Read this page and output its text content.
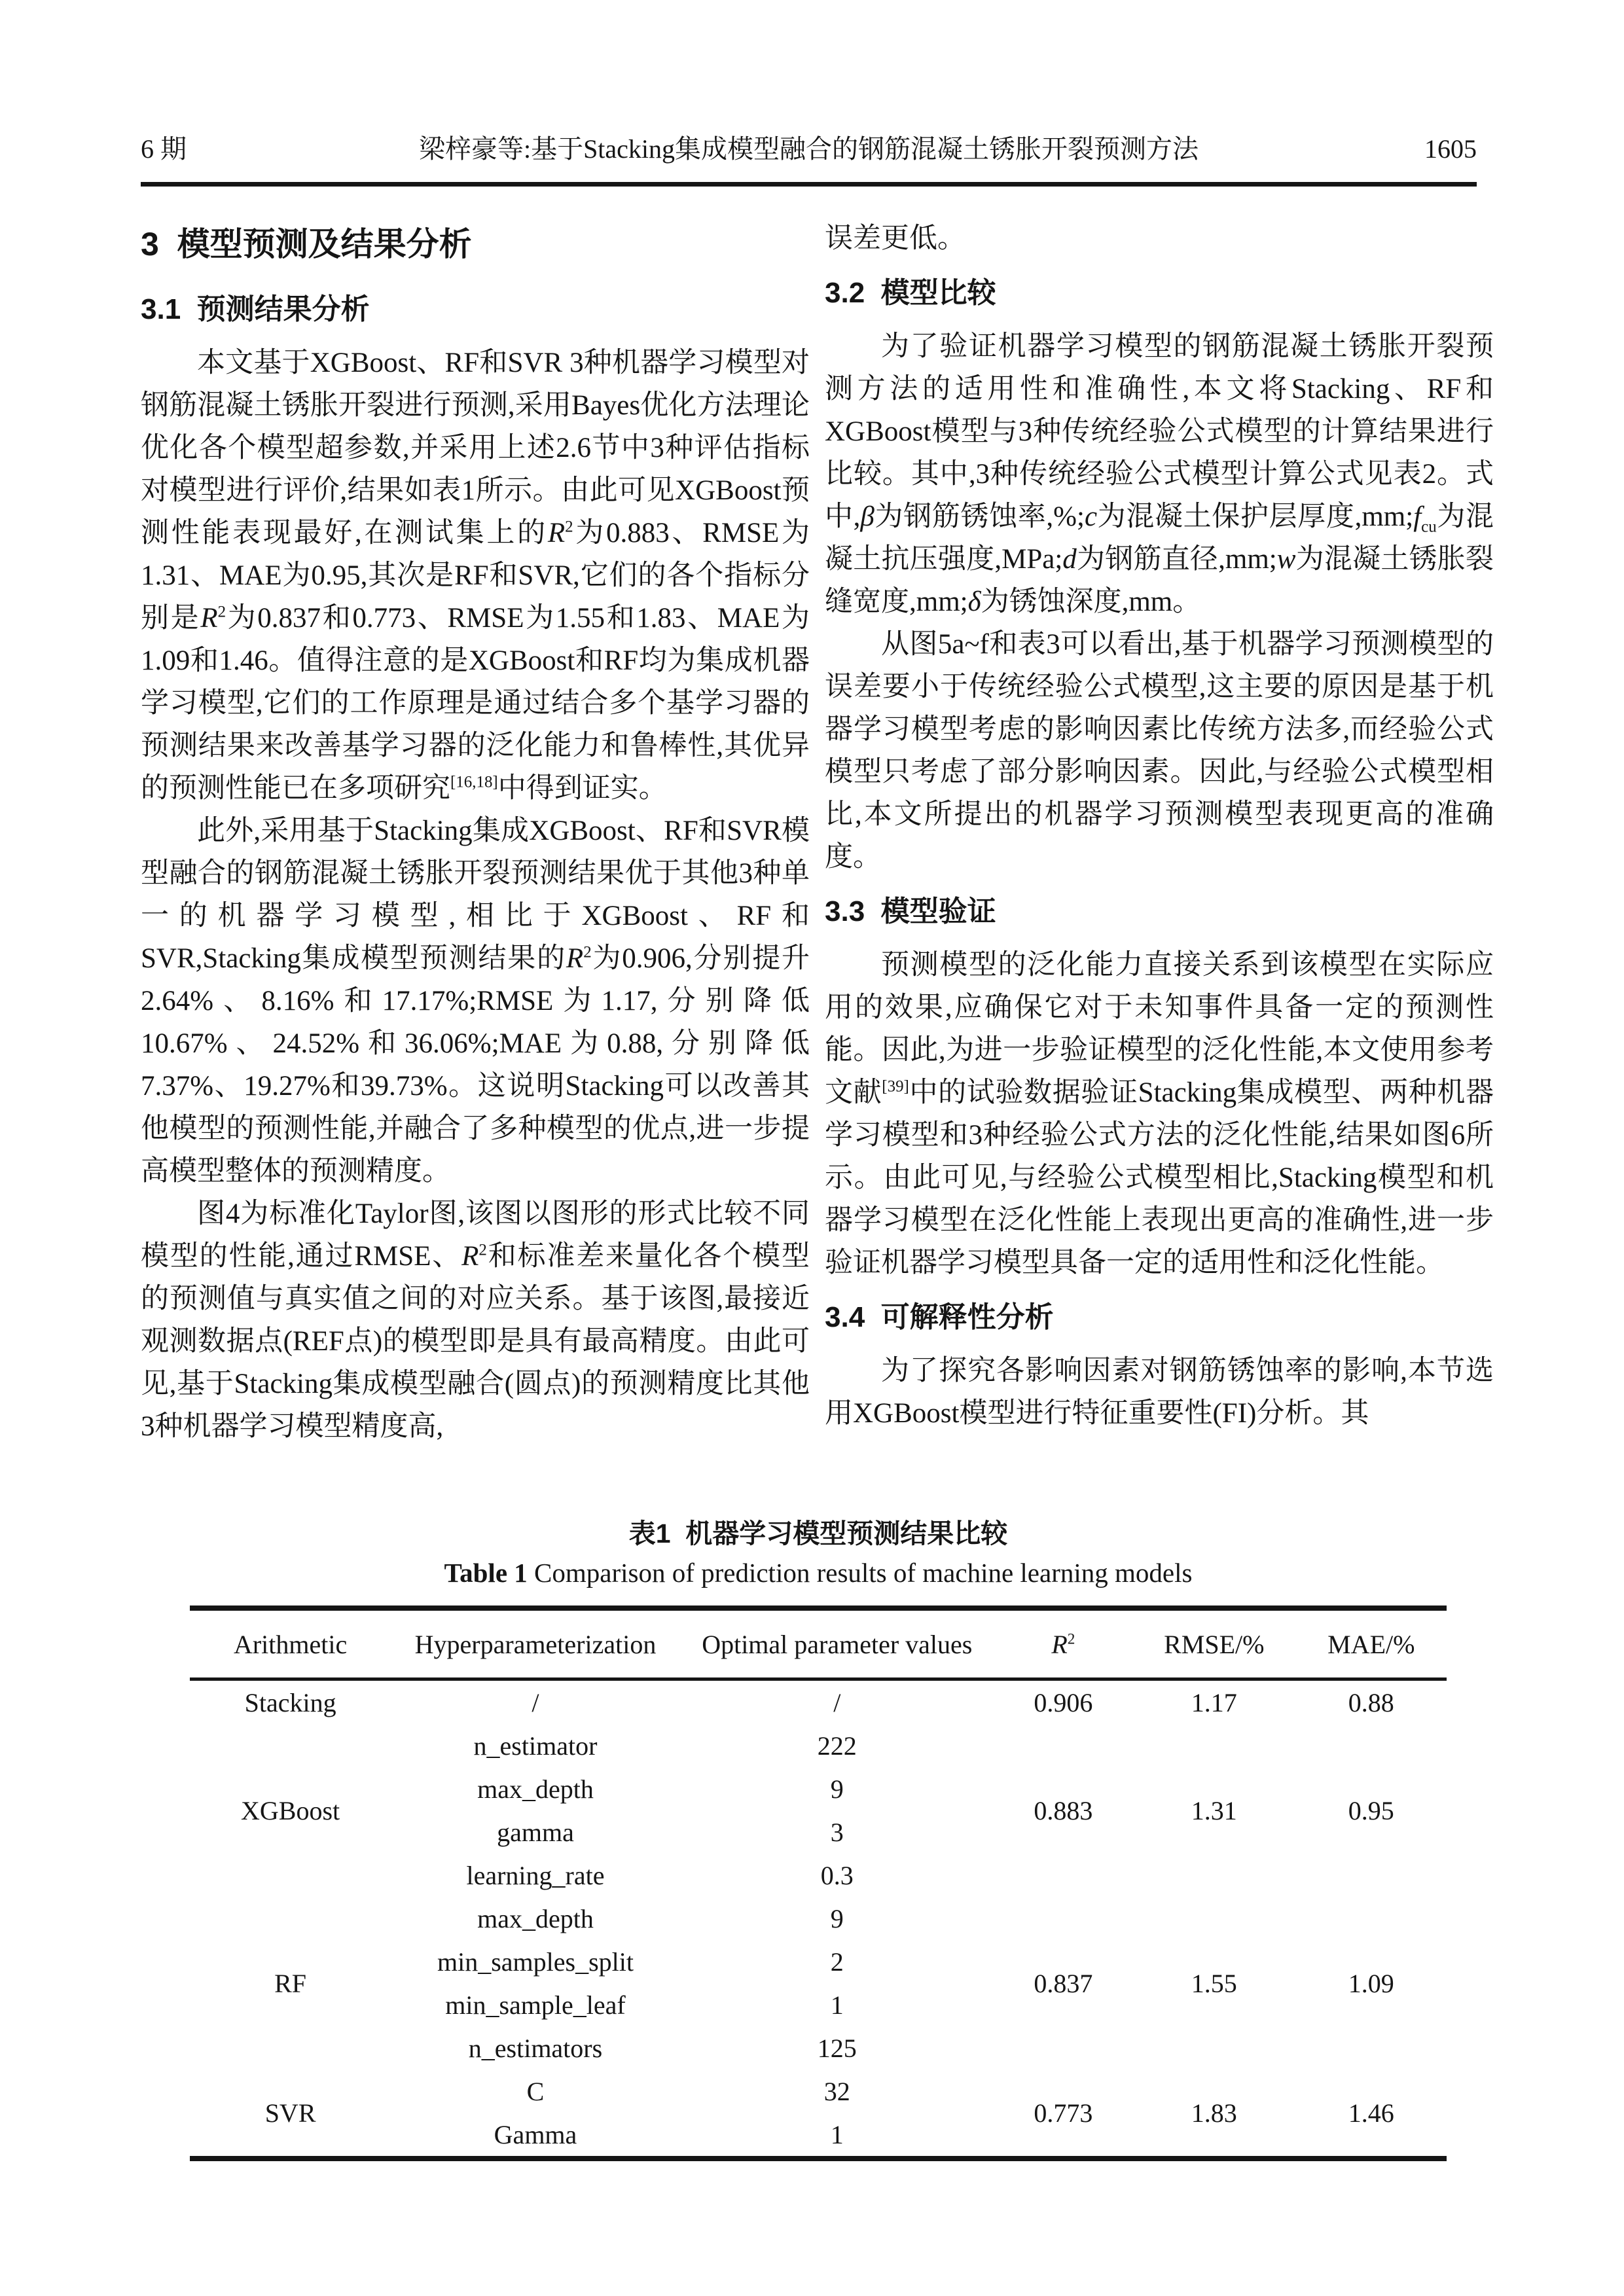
6 期	梁梓豪等:基于Stacking集成模型融合的钢筋混凝土锈胀开裂预测方法	1605
3  模型预测及结果分析
3.1  预测结果分析

本文基于XGBoost、RF和SVR 3种机器学习模型对钢筋混凝土锈胀开裂进行预测,采用Bayes优化方法理论优化各个模型超参数,并采用上述2.6节中3种评估指标对模型进行评价,结果如表1所示。由此可见XGBoost预测性能表现最好,在测试集上的$R^2$为0.883、RMSE为1.31、MAE为0.95,其次是RF和SVR,它们的各个指标分别是$R^2$为0.837和0.773、RMSE为1.55和1.83、MAE为1.09和1.46。值得注意的是XGBoost和RF均为集成机器学习模型,它们的工作原理是通过结合多个基学习器的预测结果来改善基学习器的泛化能力和鲁棒性,其优异的预测性能已在多项研究[16,18]中得到证实。

此外,采用基于Stacking集成XGBoost、RF和SVR模型融合的钢筋混凝土锈胀开裂预测结果优于其他3种单一的机器学习模型,相比于XGBoost、RF和SVR,Stacking集成模型预测结果的$R^2$为0.906,分别提升2.64%、8.16%和17.17%;RMSE为1.17,分别降低10.67%、24.52%和36.06%;MAE为0.88,分别降低7.37%、19.27%和39.73%。这说明Stacking可以改善其他模型的预测性能,并融合了多种模型的优点,进一步提高模型整体的预测精度。

图4为标准化Taylor图,该图以图形的形式比较不同模型的性能,通过RMSE、$R^2$和标准差来量化各个模型的预测值与真实值之间的对应关系。基于该图,最接近观测数据点(REF点)的模型即是具有最高精度。由此可见,基于Stacking集成模型融合(圆点)的预测精度比其他3种机器学习模型精度高,

误差更低。

3.2  模型比较

为了验证机器学习模型的钢筋混凝土锈胀开裂预测方法的适用性和准确性,本文将Stacking、RF和XGBoost模型与3种传统经验公式模型的计算结果进行比较。其中,3种传统经验公式模型计算公式见表2。式中,β为钢筋锈蚀率,%;c为混凝土保护层厚度$,mm;f_{cu}$为混凝土抗压强度,MPa;d为钢筋直径,mm;w为混凝土锈胀裂缝宽度,mm;δ为锈蚀深度,mm。

从图5a~f和表3可以看出,基于机器学习预测模型的误差要小于传统经验公式模型,这主要的原因是基于机器学习模型考虑的影响因素比传统方法多,而经验公式模型只考虑了部分影响因素。因此,与经验公式模型相比,本文所提出的机器学习预测模型表现更高的准确度。

3.3  模型验证

预测模型的泛化能力直接关系到该模型在实际应用的效果,应确保它对于未知事件具备一定的预测性能。因此,为进一步验证模型的泛化性能,本文使用参考文献[39]中的试验数据验证Stacking集成模型、两种机器学习模型和3种经验公式方法的泛化性能,结果如图6所示。由此可见,与经验公式模型相比,Stacking模型和机器学习模型在泛化性能上表现出更高的准确性,进一步验证机器学习模型具备一定的适用性和泛化性能。

3.4  可解释性分析

为了探究各影响因素对钢筋锈蚀率的影响,本节选用XGBoost模型进行特征重要性(FI)分析。其

表1  机器学习模型预测结果比较

Table 1 Comparison of prediction results of machine learning models

Arithmetic	Hyperparameterization	Optimal parameter values	$R^2$	RMSE/%	MAE/%
Stacking	/	/	0.906	1.17	0.88
XGBoost	n_estimator	222	0.883	1.31	0.95
	max_depth	9			
	gamma	3			
	learning_rate	0.3			
RF	max_depth	9	0.837	1.55	1.09
	min_samples_split	2			
	min_sample_leaf	1			
	n_estimators	125			
SVR	C	32	0.773	1.83	1.46
	Gamma	1			
